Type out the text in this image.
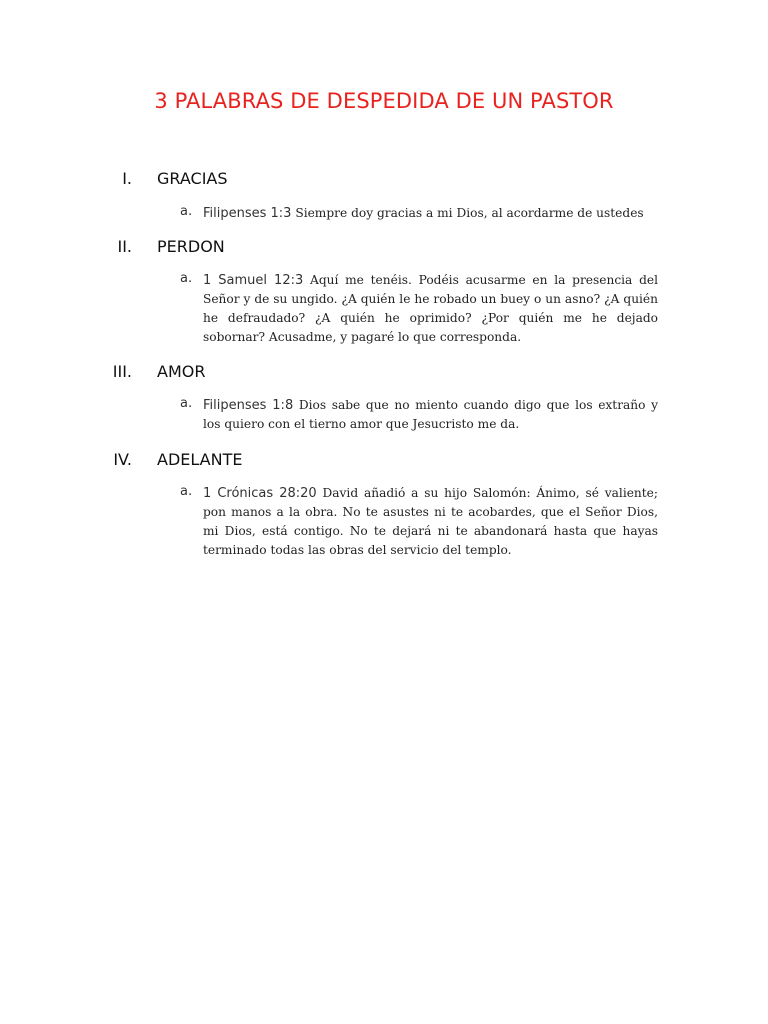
3 PALABRAS DE DESPEDIDA DE UN PASTOR
I. GRACIAS
a. Filipenses 1:3 Siempre doy gracias a mi Dios, al acordarme de ustedes
II. PERDON
a. 1 Samuel 12:3 Aquí me tenéis. Podéis acusarme en la presencia del Señor y de su ungido. ¿A quién le he robado un buey o un asno? ¿A quién he defraudado? ¿A quién he oprimido? ¿Por quién me he dejado sobornar? Acusadme, y pagaré lo que corresponda.
III. AMOR
a. Filipenses 1:8 Dios sabe que no miento cuando digo que los extraño y los quiero con el tierno amor que Jesucristo me da.
IV. ADELANTE
a. 1 Crónicas 28:20 David añadió a su hijo Salomón: Ánimo, sé valiente; pon manos a la obra. No te asustes ni te acobardes, que el Señor Dios, mi Dios, está contigo. No te dejará ni te abandonará hasta que hayas terminado todas las obras del servicio del templo.
